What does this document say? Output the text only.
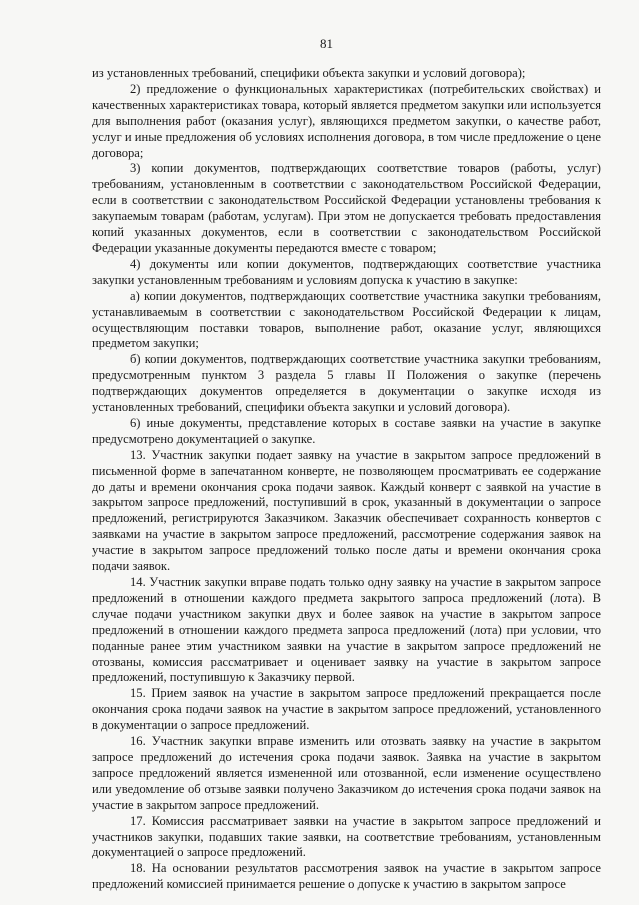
81

из установленных требований, специфики объекта закупки и условий договора);

2) предложение о функциональных характеристиках (потребительских свойствах) и качественных характеристиках товара, который является предметом закупки или используется для выполнения работ (оказания услуг), являющихся предметом закупки, о качестве работ, услуг и иные предложения об условиях исполнения договора, в том числе предложение о цене договора;

3) копии документов, подтверждающих соответствие товаров (работы, услуг) требованиям, установленным в соответствии с законодательством Российской Федерации, если в соответствии с законодательством Российской Федерации установлены требования к закупаемым товарам (работам, услугам). При этом не допускается требовать предоставления копий указанных документов, если в соответствии с законодательством Российской Федерации указанные документы передаются вместе с товаром;

4) документы или копии документов, подтверждающих соответствие участника закупки установленным требованиям и условиям допуска к участию в закупке:

а) копии документов, подтверждающих соответствие участника закупки требованиям, устанавливаемым в соответствии с законодательством Российской Федерации к лицам, осуществляющим поставки товаров, выполнение работ, оказание услуг, являющихся предметом закупки;

б) копии документов, подтверждающих соответствие участника закупки требованиям, предусмотренным пунктом 3 раздела 5 главы II Положения о закупке (перечень подтверждающих документов определяется в документации о закупке исходя из установленных требований, специфики объекта закупки и условий договора).

6) иные документы, представление которых в составе заявки на участие в закупке предусмотрено документацией о закупке.

13. Участник закупки подает заявку на участие в закрытом запросе предложений в письменной форме в запечатанном конверте, не позволяющем просматривать ее содержание до даты и времени окончания срока подачи заявок. Каждый конверт с заявкой на участие в закрытом запросе предложений, поступивший в срок, указанный в документации о запросе предложений, регистрируются Заказчиком. Заказчик обеспечивает сохранность конвертов с заявками на участие в закрытом запросе предложений, рассмотрение содержания заявок на участие в закрытом запросе предложений только после даты и времени окончания срока подачи заявок.

14. Участник закупки вправе подать только одну заявку на участие в закрытом запросе предложений в отношении каждого предмета закрытого запроса предложений (лота). В случае подачи участником закупки двух и более заявок на участие в закрытом запросе предложений в отношении каждого предмета запроса предложений (лота) при условии, что поданные ранее этим участником заявки на участие в закрытом запросе предложений не отозваны, комиссия рассматривает и оценивает заявку на участие в закрытом запросе предложений, поступившую к Заказчику первой.

15. Прием заявок на участие в закрытом запросе предложений прекращается после окончания срока подачи заявок на участие в закрытом запросе предложений, установленного в документации о запросе предложений.

16. Участник закупки вправе изменить или отозвать заявку на участие в закрытом запросе предложений до истечения срока подачи заявок. Заявка на участие в закрытом запросе предложений является измененной или отозванной, если изменение осуществлено или уведомление об отзыве заявки получено Заказчиком до истечения срока подачи заявок на участие в закрытом запросе предложений.

17. Комиссия рассматривает заявки на участие в закрытом запросе предложений и участников закупки, подавших такие заявки, на соответствие требованиям, установленным документацией о запросе предложений.

18. На основании результатов рассмотрения заявок на участие в закрытом запросе предложений комиссией принимается решение о допуске к участию в закрытом запросе
